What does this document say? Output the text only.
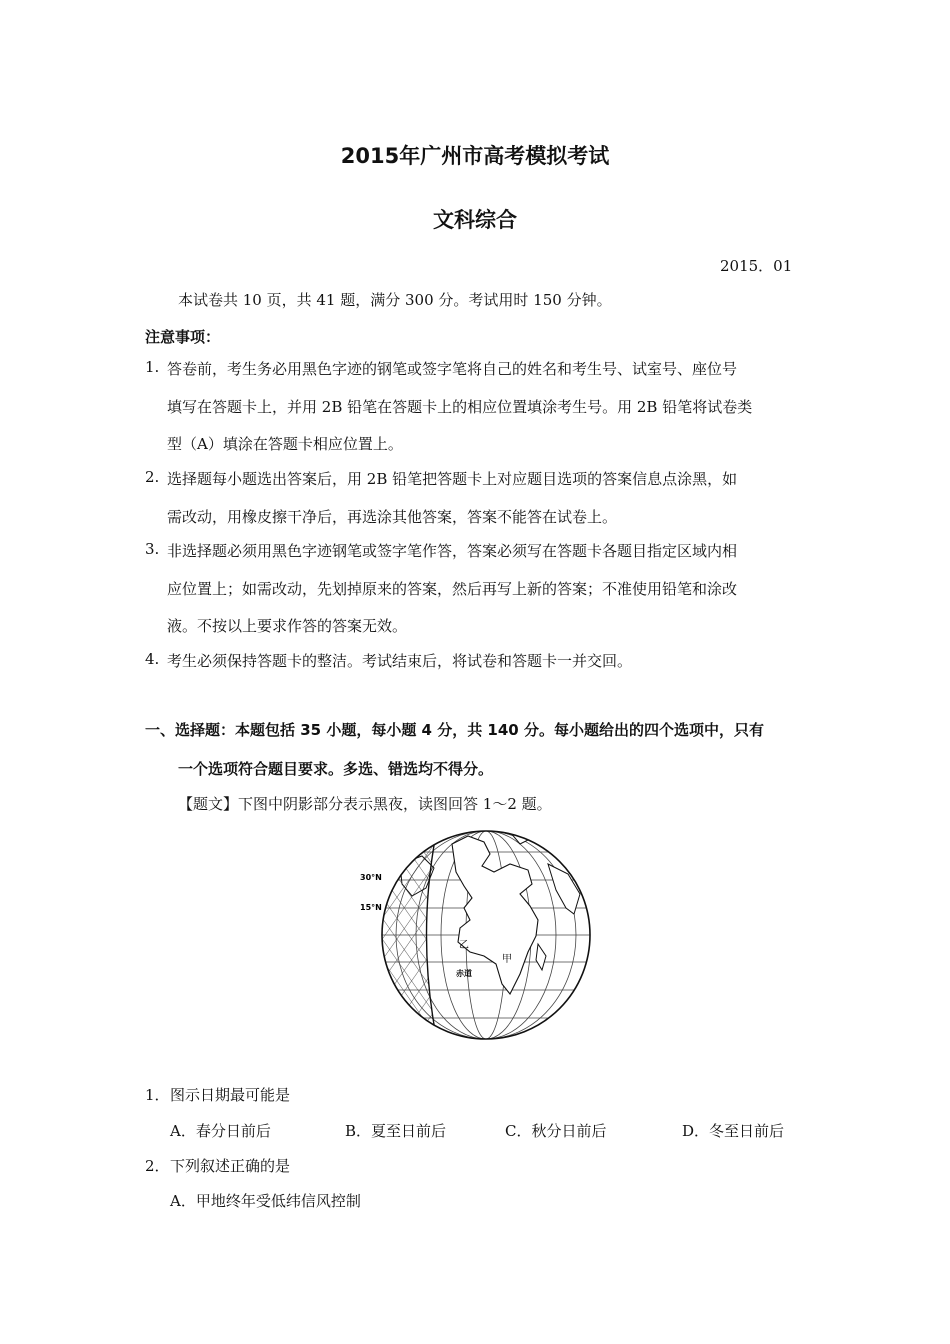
2015年广州市高考模拟考试
文科综合
2015．01
本试卷共 10 页，共 41 题，满分 300 分。考试用时 150 分钟。
注意事项：
1. 答卷前，考生务必用黑色字迹的钢笔或签字笔将自己的姓名和考生号、试室号、座位号
填写在答题卡上，并用 2B 铅笔在答题卡上的相应位置填涂考生号。用 2B 铅笔将试卷类
型（A）填涂在答题卡相应位置上。
2. 选择题每小题选出答案后，用 2B 铅笔把答题卡上对应题目选项的答案信息点涂黑，如
需改动，用橡皮擦干净后，再选涂其他答案，答案不能答在试卷上。
3. 非选择题必须用黑色字迹钢笔或签字笔作答，答案必须写在答题卡各题目指定区域内相
应位置上；如需改动，先划掉原来的答案，然后再写上新的答案；不准使用铅笔和涂改
液。不按以上要求作答的答案无效。
4. 考生必须保持答题卡的整洁。考试结束后，将试卷和答题卡一并交回。
一、选择题：本题包括 35 小题，每小题 4 分，共 140 分。每小题给出的四个选项中，只有
一个选项符合题目要求。多选、错选均不得分。
【题文】下图中阴影部分表示黑夜，读图回答 1～2 题。
30°N
15°N
乙
甲
赤道
1． 图示日期最可能是
A．春分日前后	B．夏至日前后	C．秋分日前后	D．冬至日前后
2． 下列叙述正确的是
A．甲地终年受低纬信风控制
